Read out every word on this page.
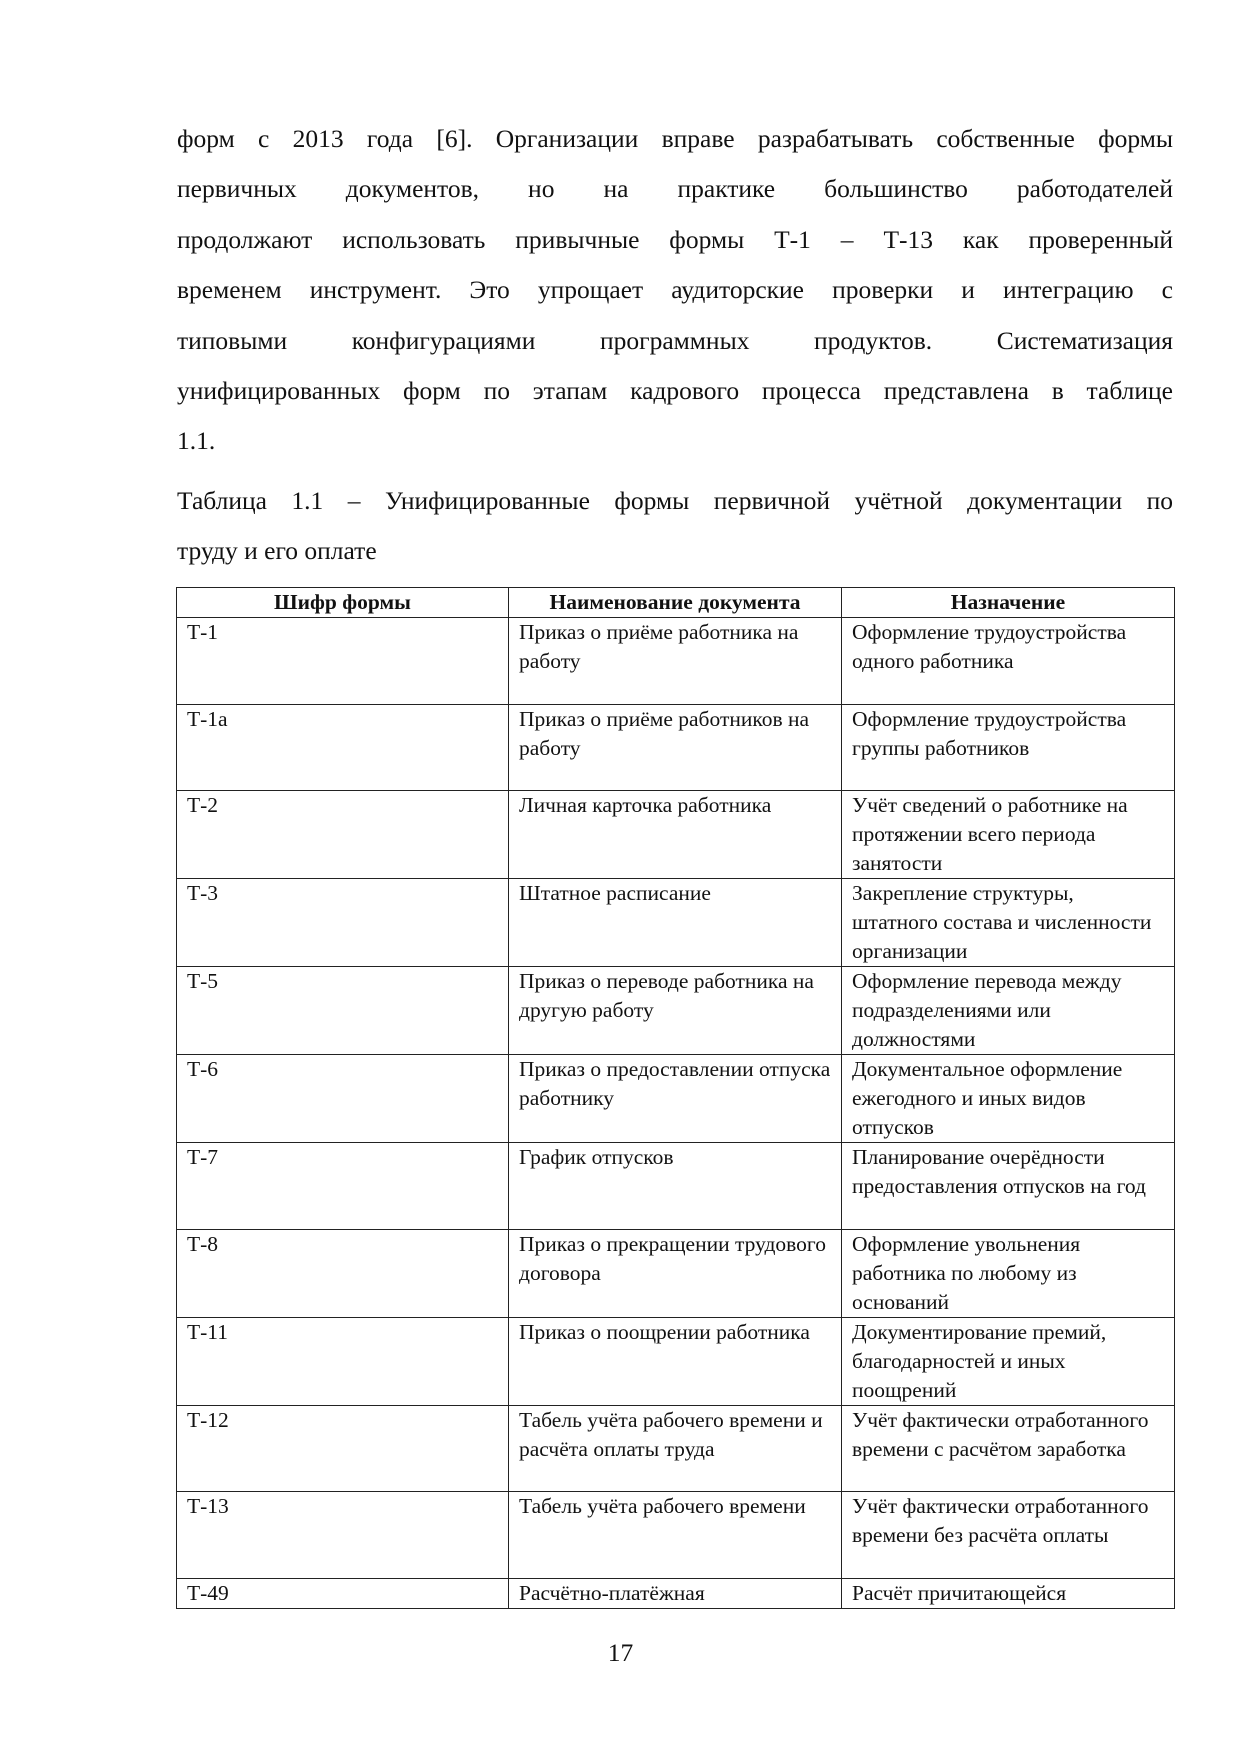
форм с 2013 года [6]. Организации вправе разрабатывать собственные формы
первичных документов, но на практике большинство работодателей
продолжают использовать привычные формы Т-1 – Т-13 как проверенный
временем инструмент. Это упрощает аудиторские проверки и интеграцию с
типовыми конфигурациями программных продуктов. Систематизация
унифицированных форм по этапам кадрового процесса представлена в таблице
1.1.
Таблица 1.1 – Унифицированные формы первичной учётной документации по
труду и его оплате
Шифр формы	Наименование документа	Назначение
Т-1	Приказ о приёме работника на работу	Оформление трудоустройства одного работника
Т-1а	Приказ о приёме работников на работу	Оформление трудоустройства группы работников
Т-2	Личная карточка работника	Учёт сведений о работнике на протяжении всего периода занятости
Т-3	Штатное расписание	Закрепление структуры, штатного состава и численности организации
Т-5	Приказ о переводе работника на другую работу	Оформление перевода между подразделениями или должностями
Т-6	Приказ о предоставлении отпуска работнику	Документальное оформление ежегодного и иных видов отпусков
Т-7	График отпусков	Планирование очерёдности предоставления отпусков на год
Т-8	Приказ о прекращении трудового договора	Оформление увольнения работника по любому из оснований
Т-11	Приказ о поощрении работника	Документирование премий, благодарностей и иных поощрений
Т-12	Табель учёта рабочего времени и расчёта оплаты труда	Учёт фактически отработанного времени с расчётом заработка
Т-13	Табель учёта рабочего времени	Учёт фактически отработанного времени без расчёта оплаты
Т-49	Расчётно-платёжная	Расчёт причитающейся
17
